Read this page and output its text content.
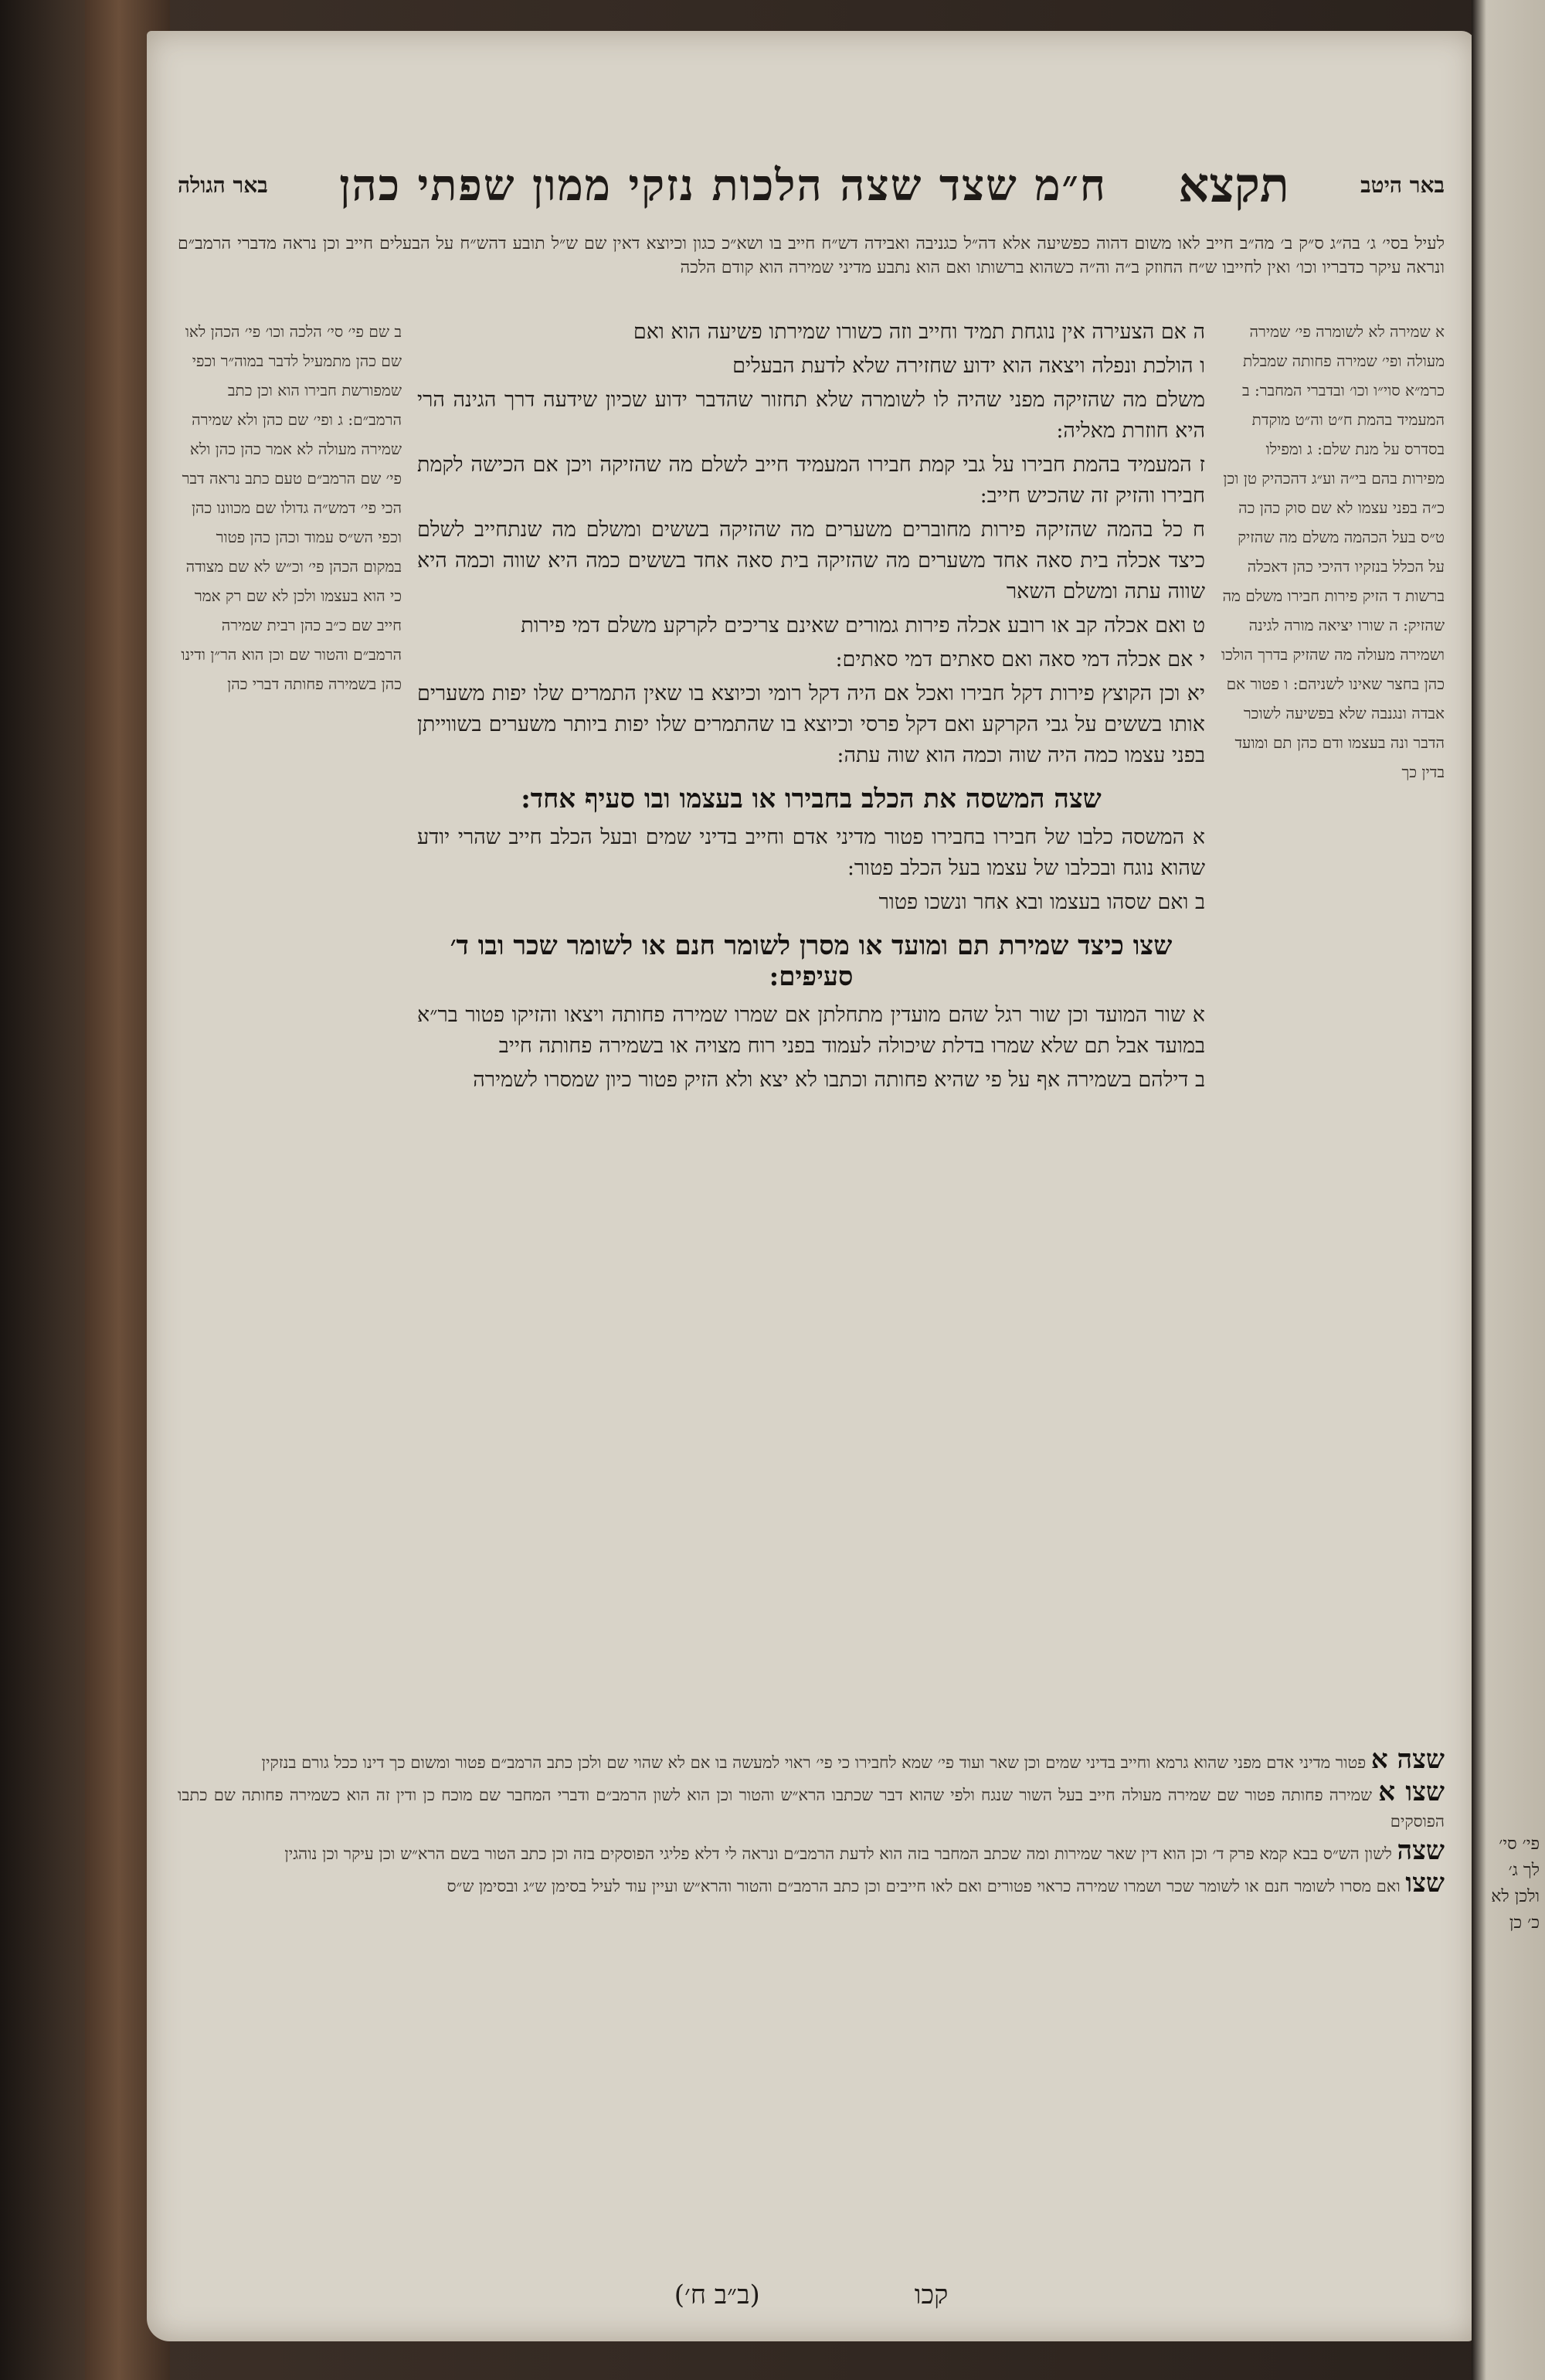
באר היטב
תקצא
ח״מ שצד שצה הלכות נזקי ממון שפתי כהן
באר הגולה
לעיל בסי׳ ג׳ בה״ג ס״ק ב׳ מה״ב חייב לאו משום דהוה כפשיעה אלא דה״ל כגניבה ואבידה דש״ח חייב בו ושא״כ כגון וכיוצא דאין שם ש״ל תובע דהש״ח על הבעלים חייב וכן נראה מדברי הרמב״ם ונראה עיקר כדבריו וכו׳ ואין לחייבו ש״ח החוזק ב״ה וה״ה כשהוא ברשותו ואם הוא נתבע מדיני שמירה הוא קודם הלכה
א שמירה לא לשומרה פי׳ שמירה מעולה ופי׳ שמירה פחותה שמבלת כרמ״א סוי״ו וכו׳ ובדברי המחבר: ב המעמיד בהמת ח״ט וה״ט מוקדת בסדרס על מנת שלם: ג ומפילו מפירות בהם בי״ה וע״ג דהכהיק טן וכן כ״ה בפני עצמו לא שם סוק כהן כה ט״ס בעל הכהמה משלם מה שהזיק על הכלל בנזקיו דהיכי כהן דאכלה ברשות ד הזיק פירות חבירו משלם מה שהזיק: ה שורו יציאה מורה לגינה ושמירה מעולה מה שהזיק בדרך הולכו כהן בחצר שאינו לשניהם: ו פטור אם אבדה ונגנבה שלא בפשיעה לשוכר הדבר ונה בעצמו ודם כהן תם ומועד בדין כך
ב שם פי׳ סי׳ הלכה וכו׳ פי׳ הכהן לאו שם כהן מתמעיל לדבר במוה״ר וכפי שמפורשת חבירו הוא וכן כתב הרמב״ם: ג ופי׳ שם כהן ולא שמירה שמירה מעולה לא אמר כהן כהן ולא פי׳ שם הרמב״ם טעם כתב נראה דבר הכי פי׳ דמש״ה גדולו שם מכוונו כהן וכפי הש״ס עמוד וכהן כהן פטור במקום הכהן פי׳ וכ״ש לא שם מצודה כי הוא בעצמו ולכן לא שם רק אמר חייב שם כ״ב כהן רבית שמירה הרמב״ם והטור שם וכן הוא הר״ן ודינו כהן בשמירה פחותה דברי כהן

ה אם הצעירה אין נוגחת תמיד וחייב וזה כשורו שמירתו פשיעה הוא ואם

ו הולכת ונפלה ויצאה הוא ידוע שחזירה שלא לדעת הבעלים

משלם מה שהזיקה מפני שהיה לו לשומרה שלא תחזור שהדבר ידוע שכיון שידעה דרך הגינה הרי היא חוזרת מאליה:

ז המעמיד בהמת חבירו על גבי קמת חבירו המעמיד חייב לשלם מה שהזיקה ויכן אם הכישה לקמת חבירו והזיק זה שהכיש חייב:

ח כל בהמה שהזיקה פירות מחוברים משערים מה שהזיקה בששים ומשלם מה שנתחייב לשלם כיצד אכלה בית סאה אחד משערים מה שהזיקה בית סאה אחד בששים כמה היא שווה וכמה היא שווה עתה ומשלם השאר

ט ואם אכלה קב או רובע אכלה פירות גמורים שאינם צריכים לקרקע משלם דמי פירות

י אם אכלה דמי סאה ואם סאתים דמי סאתים:

יא וכן הקוצץ פירות דקל חבירו ואכל אם היה דקל רומי וכיוצא בו שאין התמרים שלו יפות משערים אותו בששים על גבי הקרקע ואם דקל פרסי וכיוצא בו שהתמרים שלו יפות ביותר משערים בשווייתן בפני עצמו כמה היה שוה וכמה הוא שוה עתה:

שצה המשסה את הכלב בחבירו או בעצמו ובו סעיף אחד:

א המשסה כלבו של חבירו בחבירו פטור מדיני אדם וחייב בדיני שמים ובעל הכלב חייב שהרי יודע שהוא נוגח ובכלבו של עצמו בעל הכלב פטור:

ב ואם שסהו בעצמו ובא אחר ונשכו פטור

שצו כיצד שמירת תם ומועד או מסרן לשומר חנם או לשומר שכר ובו ד׳ סעיפים:

א שור המועד וכן שור רגל שהם מועדין מתחלתן אם שמרו שמירה פחותה ויצאו והזיקו פטור בר״א במועד אבל תם שלא שמרו בדלת שיכולה לעמוד בפני רוח מצויה או בשמירה פחותה חייב

ב דילהם בשמירה אף על פי שהיא פחותה וכתבו לא יצא ולא הזיק פטור כיון שמסרו לשמירה

שצה א פטור מדיני אדם מפני שהוא גרמא וחייב בדיני שמים וכן שאר ועוד פי׳ שמא לחבירו כי פי׳ ראוי למעשה בו אם לא שהוי שם ולכן כתב הרמב״ם פטור ומשום כך דינו ככל גורם בנזקין

שצו א שמירה פחותה פטור שם שמירה מעולה חייב בעל השור שנגח ולפי שהוא דבר שכתבו הרא״ש והטור וכן הוא לשון הרמב״ם ודברי המחבר שם מוכח כן ודין זה הוא כשמירה פחותה שם כתבו הפוסקים

שצה לשון הש״ס בבא קמא פרק ד׳ וכן הוא דין שאר שמירות ומה שכתב המחבר בזה הוא לדעת הרמב״ם ונראה לי דלא פליגי הפוסקים בזה וכן כתב הטור בשם הרא״ש וכן עיקר וכן נוהגין

שצו ואם מסרו לשומר חנם או לשומר שכר ושמרו שמירה כראוי פטורים ואם לאו חייבים וכן כתב הרמב״ם והטור והרא״ש ועיין עוד לעיל בסימן ש״ג ובסימן ש״ס

קכו
(ב״ב ח׳)
פי׳ סי׳ לך ג׳ ולכן לא כ׳ כן
